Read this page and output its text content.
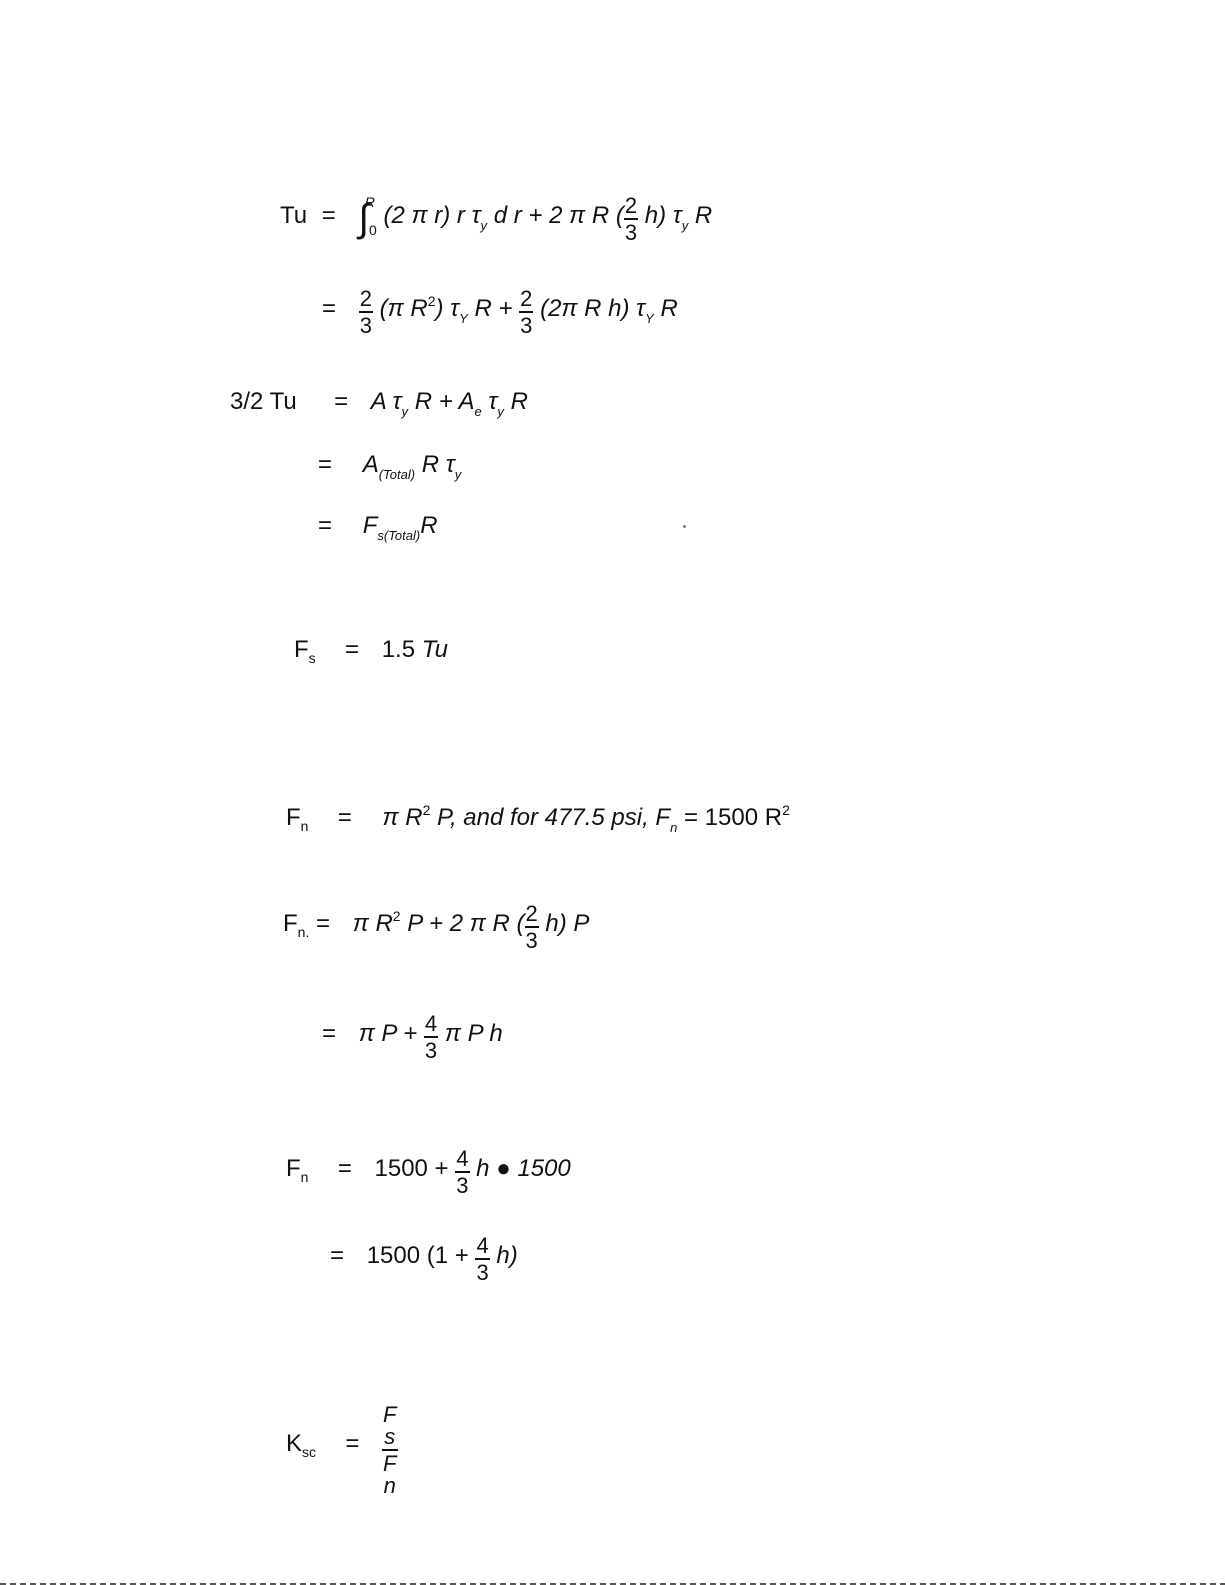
Tu = ∫$^R_0$ (2 π r) r $\tau_y$ d r + 2 π R ( $\frac{2}{3} h$) $\tau_y$ R
= $\frac{2}{3} (\pi$ $R^2$) $\tau_Y$ $R + \frac{2}{3} (2\pi$ R h) $\tau_Y$ R
3/2 Tu = A $\tau_y$ $R + A_e$ $\tau_y$ R
= $A_{(Total)}$ R $\tau_y$
= $F_{s(Total)}R$
$F_s = 1.5$ Tu
$F_n = \pi$ $R^2$ P, and for 477.5 psi, $F_n = 1500$ $R^2$
$F_{n.} = \pi$ $R^2$ P + 2 π R ( $\frac{2}{3} h$) P
= π $P + \frac{4}{3}$ π P h
$F_n = 1500 + \frac{4}{3}$ h ● 1500
= 1500 $(1 + \frac{4}{3} h)$
$K_{sc} = F$
s
F
n
